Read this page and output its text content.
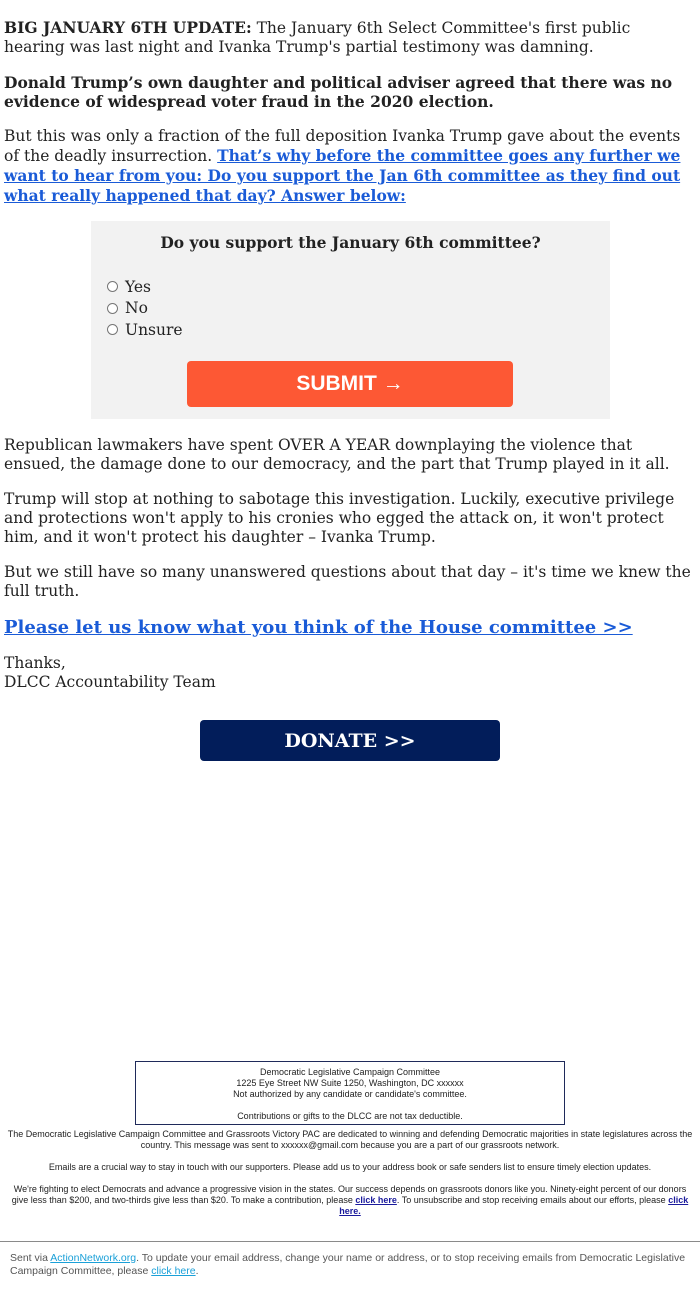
BIG JANUARY 6TH UPDATE: The January 6th Select Committee's first public hearing was last night and Ivanka Trump's partial testimony was damning.

Donald Trump’s own daughter and political adviser agreed that there was no evidence of widespread voter fraud in the 2020 election.

But this was only a fraction of the full deposition Ivanka Trump gave about the events of the deadly insurrection. That’s why before the committee goes any further we want to hear from you: Do you support the Jan 6th committee as they find out what really happened that day? Answer below:

Do you support the January 6th committee?
Yes
No
Unsure
SUBMIT →

Republican lawmakers have spent OVER A YEAR downplaying the violence that ensued, the damage done to our democracy, and the part that Trump played in it all.

Trump will stop at nothing to sabotage this investigation. Luckily, executive privilege and protections won't apply to his cronies who egged the attack on, it won't protect him, and it won't protect his daughter – Ivanka Trump.

But we still have so many unanswered questions about that day – it's time we knew the full truth.

Please let us know what you think of the House committee >>

Thanks,
DLCC Accountability Team
DONATE >>
Democratic Legislative Campaign Committee
1225 Eye Street NW Suite 1250, Washington, DC xxxxxx
Not authorized by any candidate or candidate's committee.
Contributions or gifts to the DLCC are not tax deductible.
The Democratic Legislative Campaign Committee and Grassroots Victory PAC are dedicated to winning and defending Democratic majorities in state legislatures across the country. This message was sent to xxxxxx@gmail.com because you are a part of our grassroots network.
Emails are a crucial way to stay in touch with our supporters. Please add us to your address book or safe senders list to ensure timely election updates.
We're fighting to elect Democrats and advance a progressive vision in the states. Our success depends on grassroots donors like you. Ninety-eight percent of our donors give less than $200, and two-thirds give less than $20. To make a contribution, please click here. To unsubscribe and stop receiving emails about our efforts, please click here.
Sent via ActionNetwork.org. To update your email address, change your name or address, or to stop receiving emails from Democratic Legislative Campaign Committee, please click here.
